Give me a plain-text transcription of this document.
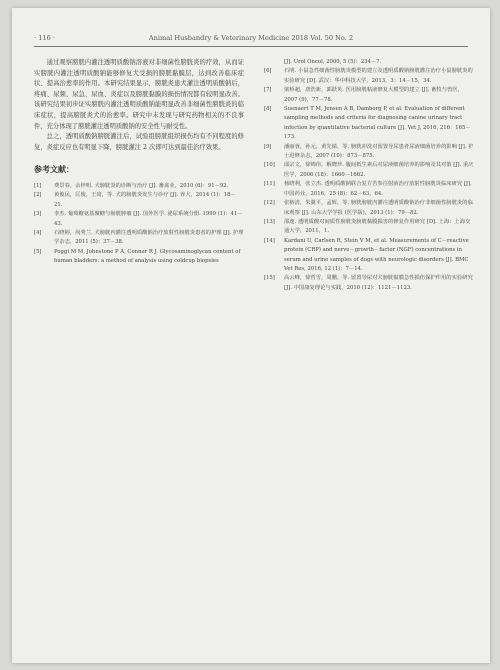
· 116 ·	Animal Husbandry & Veterinary Medicine 2018 Vol. 50 No. 2

通过观察膀胱内灌注透明质酸钠溶液对非细菌性膀胱炎的疗效，从而证实膀胱内灌注透明质酸钠能够修复犬受损的膀胱黏膜层，达到改善临床症状、提高治愈率的作用。本研究结果显示，膀胱炎患犬灌注透明质酸钠后，疼痛、尿频、尿急、尿血、炎症以及膀胱黏膜的损伤情况都有较明显改善。该研究结果初步证实膀胱内灌注透明质酸钠能明显改善非细菌性膀胱炎的临床症状，提高膀胱炎犬的治愈率。研究中未发现与研究药物相关的不良事件，充分体现了膀胱灌注透明质酸钠的安全性与耐受性。

总之，透明质酸钠膀胱灌注后，试验组膀胱组织损伤均有不同程度的修复，炎症反应也有明显下降，膀胱灌注 2 次即可达到最佳治疗效果。

参考文献：
[1]	费景春，余梓明. 犬膀胱炎的诊断与治疗 [J]. 畜禽业，2010 (6)：91－92.
[2]	黄俊民，匡俊，王琦，等. 犬的膀胱炎发生与诊疗 [J]. 养犬，2014 (1)：18－21.
[3]	李杰. 葡萄糖氨基聚糖与膀胱肿瘤 [J]. 国外医学. 泌尿系统分册. 1999 (1)：41－43.
[4]	石晓婷，尚秀兰. 犬膀胱内灌注透明质酸钠治疗放射性膀胱炎患者的护理 [J]. 护理学杂志，2011 (5)：37－38.
[5]	Poggi M M, Johnstone P A, Conner R J. Glycosaminoglycan content of human bladders: a method of analysis using coldcup biopsies
[J]. Urol Oncol, 2000, 5 (5)：234－7.
[6]	石明. 小鼠急性细菌性膀胱炎模型的建立及透明质酸钠膀胱灌注治疗小鼠膀胱炎的实验研究 [D]. 武汉：华中科技大学，2013，3：14－15，34.
[7]	梁桥超，唐浩新，郭跃英. 医用膀胱粘液修复大模型的建立 [J]. 畜牧与兽医，2007 (9)，77－78.
[8]	Suenaert T M, Jensen A B, Damborg P, et al. Evaluation of different sampling methods and criteria for diagnosing canine urinary tract infection by quantitative bacterial culture [J]. Vet J, 2016, 216：165－173.
[9]	潘丽蓉，孙元，黄先婧，等. 膀胱冲洗对留置导尿患者尿液细菌培养的影响 [J]. 护士进修杂志，2007 (10)：873－875.
[10]	邱宗文，徐锦伟，解晓珍. 腹间抵生素后对尿液细菌培养的影响及其对策 [J]. 重庆医学，2006 (18)：1660－1662.
[11]	杨晓利，张立杰. 透明质酸钠联合复方苦参注射液治疗放射性膀胱炎临床研究 [J]. 中国药业，2016，25 (8)：62－63，64.
[12]	张榕清，朱翼平，孟辉，等. 膀胱膀胱内灌注透明质酸钠治疗非细菌性膀胱炎的临床观察 [J]. 山东大学学报 (医学版)，2013 (1)：79－82.
[13]	邵逸. 透明质酸对间质性膀胱炎膀胱黏膜损害的修复作用研究 [D]. 上海：上海交通大学，2011，1.
[14]	Kardani U, Carlsen R, Stein V M, et al. Measurements of C－reactive protein (CRP) and nerve－growth－factor (NGF) concentrations in serum and urine samples of dogs with neurologic disorders [J]. BMC Vet Res, 2016, 12 (1)：7－14.
[15]	高云峰，徐哲雪，周鹏，等. 留置导尿对犬膀胱黏膜急性损伤保护作用的实验研究 [J]. 中国康复理论与实践，2010 (12)：1121－1123.
